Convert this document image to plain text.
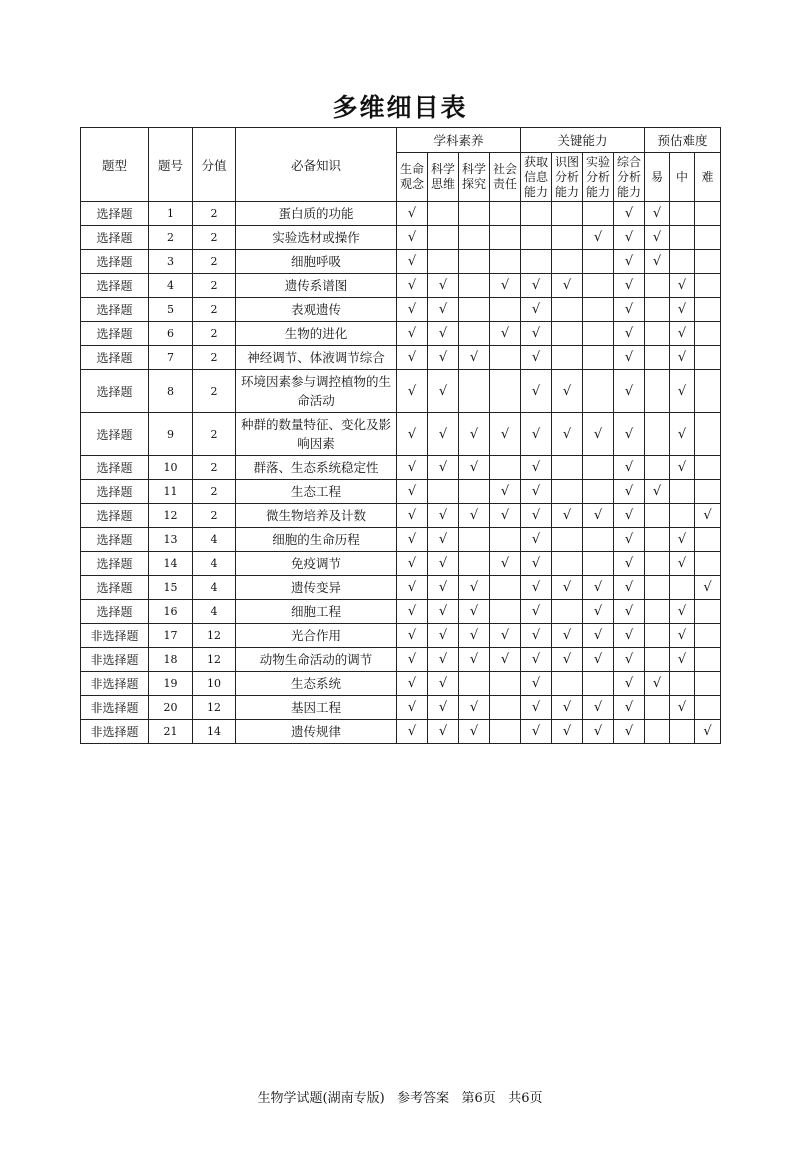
多维细目表
题型	题号	分值	必备知识	学科素养				关键能力				预估难度		

				生命观念	科学思维	科学探究	社会责任	获取信息能力	识图分析能力	实验分析能力	综合分析能力	易	中	难

选择题	1	2	蛋白质的功能	√							√	√		
选择题	2	2	实验选材或操作	√						√	√	√		
选择题	3	2	细胞呼吸	√							√	√		
选择题	4	2	遗传系谱图	√	√		√	√	√		√		√	
选择题	5	2	表观遗传	√	√			√			√		√	
选择题	6	2	生物的进化	√	√		√	√			√		√	
选择题	7	2	神经调节、体液调节综合	√	√	√		√			√		√	
选择题	8	2	环境因素参与调控植物的生命活动	√	√			√	√		√		√	
选择题	9	2	种群的数量特征、变化及影响因素	√	√	√	√	√	√	√	√		√	
选择题	10	2	群落、生态系统稳定性	√	√	√		√			√		√	
选择题	11	2	生态工程	√			√	√			√	√		
选择题	12	2	微生物培养及计数	√	√	√	√	√	√	√	√			√
选择题	13	4	细胞的生命历程	√	√			√			√		√	
选择题	14	4	免疫调节	√	√		√	√			√		√	
选择题	15	4	遗传变异	√	√	√		√	√	√	√			√
选择题	16	4	细胞工程	√	√	√		√		√	√		√	
非选择题	17	12	光合作用	√	√	√	√	√	√	√	√		√	
非选择题	18	12	动物生命活动的调节	√	√	√	√	√	√	√	√		√	
非选择题	19	10	生态系统	√	√			√			√	√		
非选择题	20	12	基因工程	√	√	√		√	√	√	√		√	
非选择题	21	14	遗传规律	√	√	√		√	√	√	√			√
生物学试题(湖南专版) 参考答案 第6页 共6页
